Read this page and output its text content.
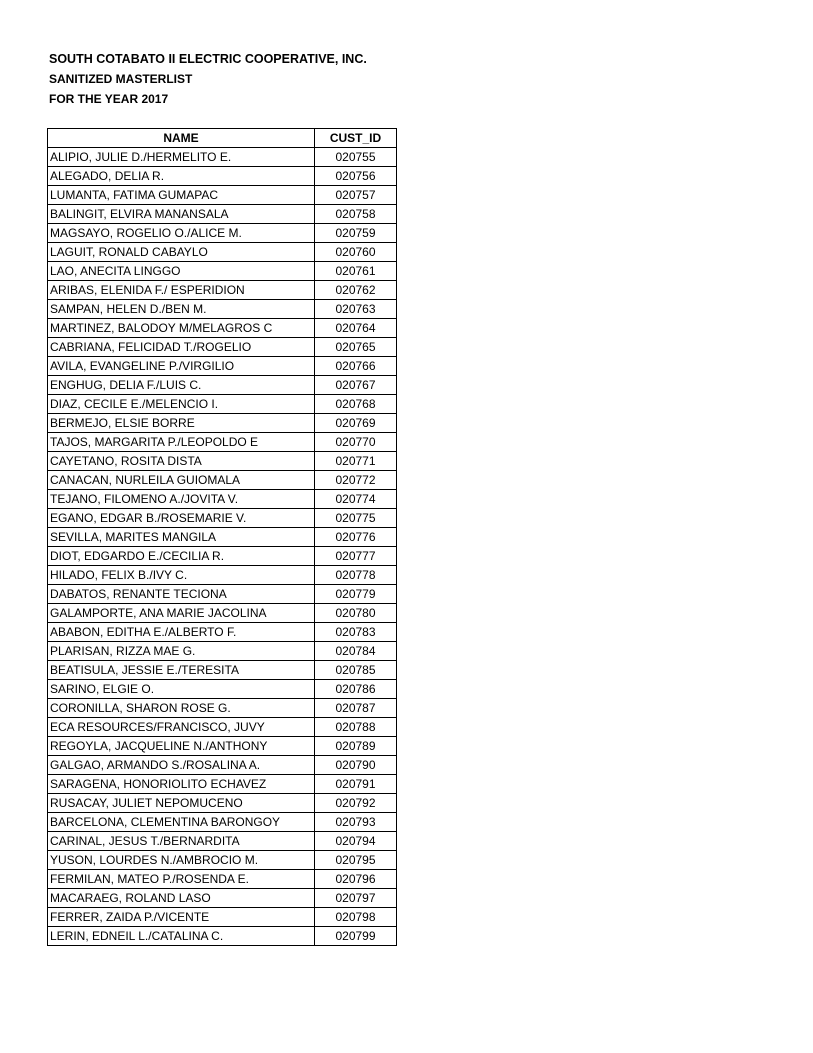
SOUTH COTABATO II ELECTRIC COOPERATIVE, INC.
SANITIZED MASTERLIST
FOR THE YEAR 2017
NAME	CUST_ID
ALIPIO, JULIE D./HERMELITO E.	020755
ALEGADO, DELIA R.	020756
LUMANTA, FATIMA GUMAPAC	020757
BALINGIT, ELVIRA MANANSALA	020758
MAGSAYO, ROGELIO O./ALICE M.	020759
LAGUIT, RONALD CABAYLO	020760
LAO, ANECITA LINGGO	020761
ARIBAS, ELENIDA F./ ESPERIDION	020762
SAMPAN, HELEN D./BEN M.	020763
MARTINEZ, BALODOY M/MELAGROS C	020764
CABRIANA, FELICIDAD T./ROGELIO	020765
AVILA, EVANGELINE P./VIRGILIO	020766
ENGHUG, DELIA F./LUIS C.	020767
DIAZ, CECILE E./MELENCIO I.	020768
BERMEJO, ELSIE BORRE	020769
TAJOS, MARGARITA P./LEOPOLDO E	020770
CAYETANO, ROSITA DISTA	020771
CANACAN, NURLEILA GUIOMALA	020772
TEJANO, FILOMENO A./JOVITA V.	020774
EGANO, EDGAR B./ROSEMARIE V.	020775
SEVILLA, MARITES MANGILA	020776
DIOT, EDGARDO E./CECILIA R.	020777
HILADO, FELIX B./IVY C.	020778
DABATOS, RENANTE TECIONA	020779
GALAMPORTE, ANA MARIE JACOLINA	020780
ABABON, EDITHA E./ALBERTO F.	020783
PLARISAN, RIZZA MAE G.	020784
BEATISULA, JESSIE E./TERESITA	020785
SARINO, ELGIE O.	020786
CORONILLA, SHARON ROSE G.	020787
ECA RESOURCES/FRANCISCO, JUVY	020788
REGOYLA, JACQUELINE N./ANTHONY	020789
GALGAO, ARMANDO S./ROSALINA A.	020790
SARAGENA, HONORIOLITO ECHAVEZ	020791
RUSACAY, JULIET NEPOMUCENO	020792
BARCELONA, CLEMENTINA BARONGOY	020793
CARINAL, JESUS T./BERNARDITA	020794
YUSON, LOURDES N./AMBROCIO M.	020795
FERMILAN, MATEO P./ROSENDA E.	020796
MACARAEG, ROLAND LASO	020797
FERRER, ZAIDA P./VICENTE	020798
LERIN, EDNEIL L./CATALINA C.	020799
